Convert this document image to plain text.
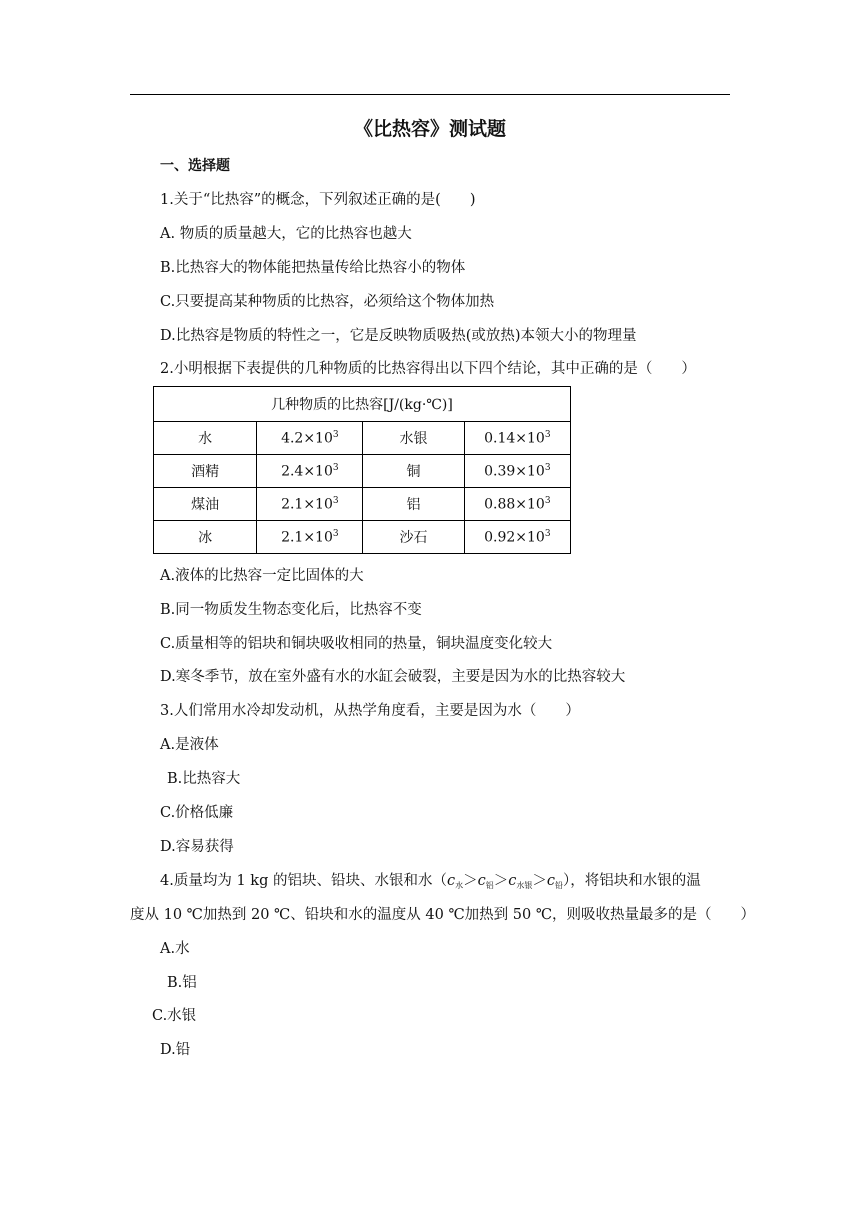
《比热容》测试题
一、选择题
1.关于“比热容”的概念，下列叙述正确的是(　　)
A. 物质的质量越大，它的比热容也越大
B.比热容大的物体能把热量传给比热容小的物体
C.只要提高某种物质的比热容，必须给这个物体加热
D.比热容是物质的特性之一，它是反映物质吸热(或放热)本领大小的物理量
2.小明根据下表提供的几种物质的比热容得出以下四个结论，其中正确的是（　　）
几种物质的比热容[J/(kg·℃)]			
水	$4.2\times 10^3$	水银	$0.14\times 10^3$
酒精	$2.4\times 10^3$	铜	$0.39\times 10^3$
煤油	$2.1\times 10^3$	铝	$0.88\times 10^3$
冰	$2.1\times 10^3$	沙石	$0.92\times 10^3$
A.液体的比热容一定比固体的大
B.同一物质发生物态变化后，比热容不变
C.质量相等的铝块和铜块吸收相同的热量，铜块温度变化较大
D.寒冬季节，放在室外盛有水的水缸会破裂，主要是因为水的比热容较大
3.人们常用水冷却发动机，从热学角度看，主要是因为水（　　）
A.是液体
B.比热容大
C.价格低廉
D.容易获得
4.质量均为 1 kg 的铝块、铅块、水银和水$(c_水>c_铝>c_{水银}>c_铅)$，将铝块和水银的温
度从 10 ℃加热到 20 ℃、铅块和水的温度从 40 ℃加热到 50 ℃，则吸收热量最多的是（　　）
A.水
B.铝
C.水银
D.铅
